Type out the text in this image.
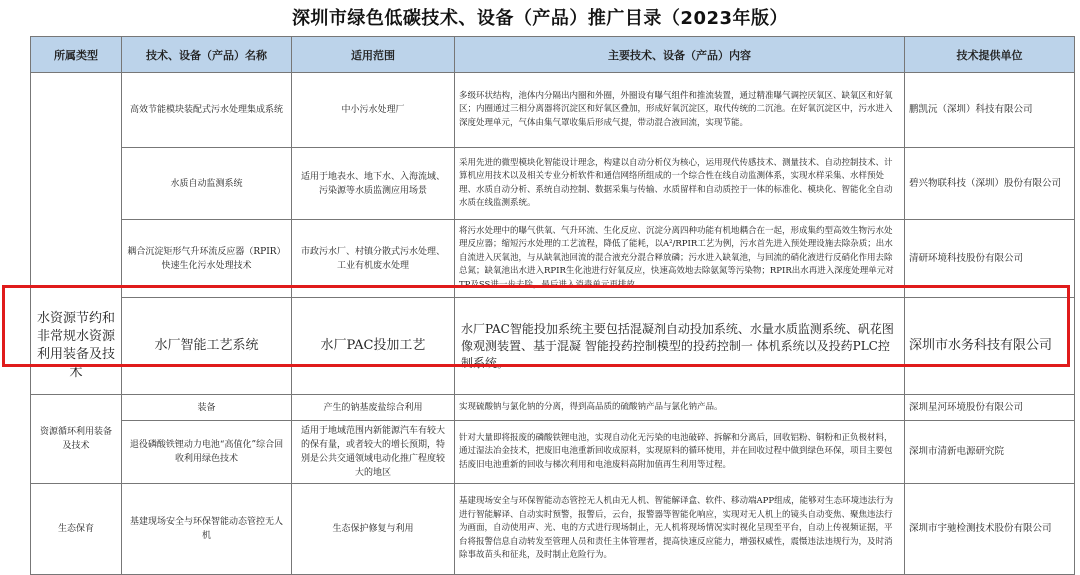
深圳市绿色低碳技术、设备（产品）推广目录（2023年版）
所属类型	技术、设备（产品）名称	适用范围	主要技术、设备（产品）内容	技术提供单位
水资源节约和非常规水资源利用装备及技术	高效节能模块装配式污水处理集成系统	中小污水处理厂	多级环状结构，池体内分隔出内圈和外圈，外圈设有曝气组件和推流装置，通过精准曝气调控厌氧区、缺氧区和好氧区；内圈通过三相分离器将沉淀区和好氧区叠加，形成好氧沉淀区，取代传统的二沉池。在好氧沉淀区中，污水进入深度处理单元，气体由集气罩收集后形成气提，带动混合液回流，实现节能。	鹏凯沅（深圳）科技有限公司
	水质自动监测系统	适用于地表水、地下水、入海流域、污染源等水质监测应用场景	采用先进的微型模块化智能设计理念，构建以自动分析仪为核心，运用现代传感技术、测量技术、自动控制技术、计算机应用技术以及相关专业分析软件和通信网络所组成的一个综合性在线自动监测体系，实现水样采集、水样预处理、水质自动分析、系统自动控制、数据采集与传输、水质留样和自动质控于一体的标准化、模块化、智能化全自动水质在线监测系统。	碧兴物联科技（深圳）股份有限公司
	耦合沉淀矩形气升环流反应器（RPIR）快速生化污水处理技术	市政污水厂、村镇分散式污水处理、工业有机废水处理	将污水处理中的曝气供氧、气升环流、生化反应、沉淀分离四种功能有机地耦合在一起，形成集约型高效生物污水处理反应器；缩短污水处理的工艺流程，降低了能耗，以A²/RPIR工艺为例，污水首先进入预处理设施去除杂质；出水自流进入厌氧池，与从缺氧池回流的混合液充分混合释放磷；污水进入缺氧池，与回流的硝化液进行反硝化作用去除总氮；缺氧池出水进入RPIR生化池进行好氧反应，快速高效地去除氨氮等污染物；RPIR出水再进入深度处理单元对TP及SS进一步去除，最后进入消毒单元再排放。	清研环境科技股份有限公司
	水厂智能工艺系统	水厂PAC投加工艺	水厂PAC智能投加系统主要包括混凝剂自动投加系统、水量水质监测系统、矾花图像观测装置、基于混凝 智能投药控制模型的投药控制一 体机系统以及投药PLC控制系统。	深圳市水务科技有限公司
资源循环利用装备及技术	装备	产生的钠基废盐综合利用	实现硫酸钠与氯化钠的分离，得到高品质的硫酸钠产品与氯化钠产品。	深圳星河环境股份有限公司
	退役磷酸铁锂动力电池“高值化”综合回收利用绿色技术	适用于地域范围内新能源汽车有较大的保有量，或者较大的增长预期，特别是公共交通领域电动化推广程度较大的地区	针对大量即将报废的磷酸铁锂电池，实现自动化无污染的电池破碎、拆解和分离后，回收铝粉、铜粉和正负极材料，通过湿法冶金技术，把废旧电池重新回收成原料，实现原料的循环使用，并在回收过程中做到绿色环保，项目主要包括废旧电池重新的回收与梯次利用和电池废料高附加值再生利用等过程。	深圳市清新电源研究院
生态保育	基建现场安全与环保智能动态管控无人机	生态保护修复与利用	基建现场安全与环保智能动态管控无人机由无人机、智能解译盒、软件、移动端APP组成，能够对生态环境违法行为进行智能解译、自动实时预警，报警后，云台，报警器等智能化响应，实现对无人机上的镜头自动变焦、聚焦违法行为画面，自动使用声、光、电的方式进行现场制止，无人机将现场情况实时视化呈现至平台，自动上传视频证据，平台将报警信息自动转发至管理人员和责任主体管理者，提高快速反应能力，增强权威性，震慑违法违规行为，及时消除事故苗头和征兆，及时制止危险行为。	深圳市宇驰检测技术股份有限公司
